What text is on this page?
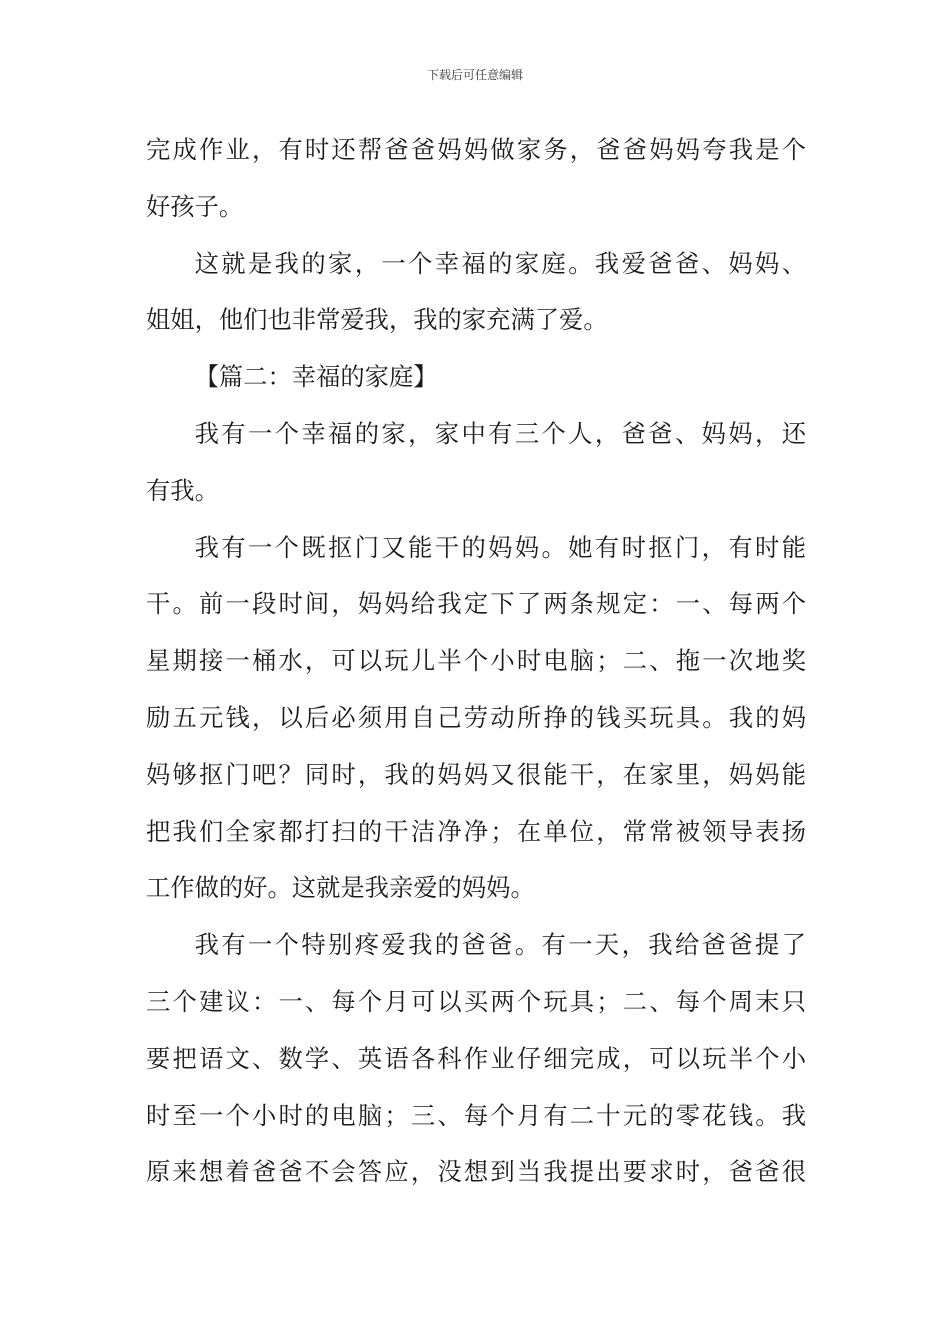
下载后可任意编辑
完成作业，有时还帮爸爸妈妈做家务，爸爸妈妈夸我是个
好孩子。
这就是我的家，一个幸福的家庭。我爱爸爸、妈妈、
姐姐，他们也非常爱我，我的家充满了爱。
【篇二：幸福的家庭】
我有一个幸福的家，家中有三个人，爸爸、妈妈，还
有我。
我有一个既抠门又能干的妈妈。她有时抠门，有时能
干。前一段时间，妈妈给我定下了两条规定：一、每两个
星期接一桶水，可以玩儿半个小时电脑；二、拖一次地奖
励五元钱，以后必须用自己劳动所挣的钱买玩具。我的妈
妈够抠门吧？同时，我的妈妈又很能干，在家里，妈妈能
把我们全家都打扫的干洁净净；在单位，常常被领导表扬
工作做的好。这就是我亲爱的妈妈。
我有一个特别疼爱我的爸爸。有一天，我给爸爸提了
三个建议：一、每个月可以买两个玩具；二、每个周末只
要把语文、数学、英语各科作业仔细完成，可以玩半个小
时至一个小时的电脑；三、每个月有二十元的零花钱。我
原来想着爸爸不会答应，没想到当我提出要求时，爸爸很
